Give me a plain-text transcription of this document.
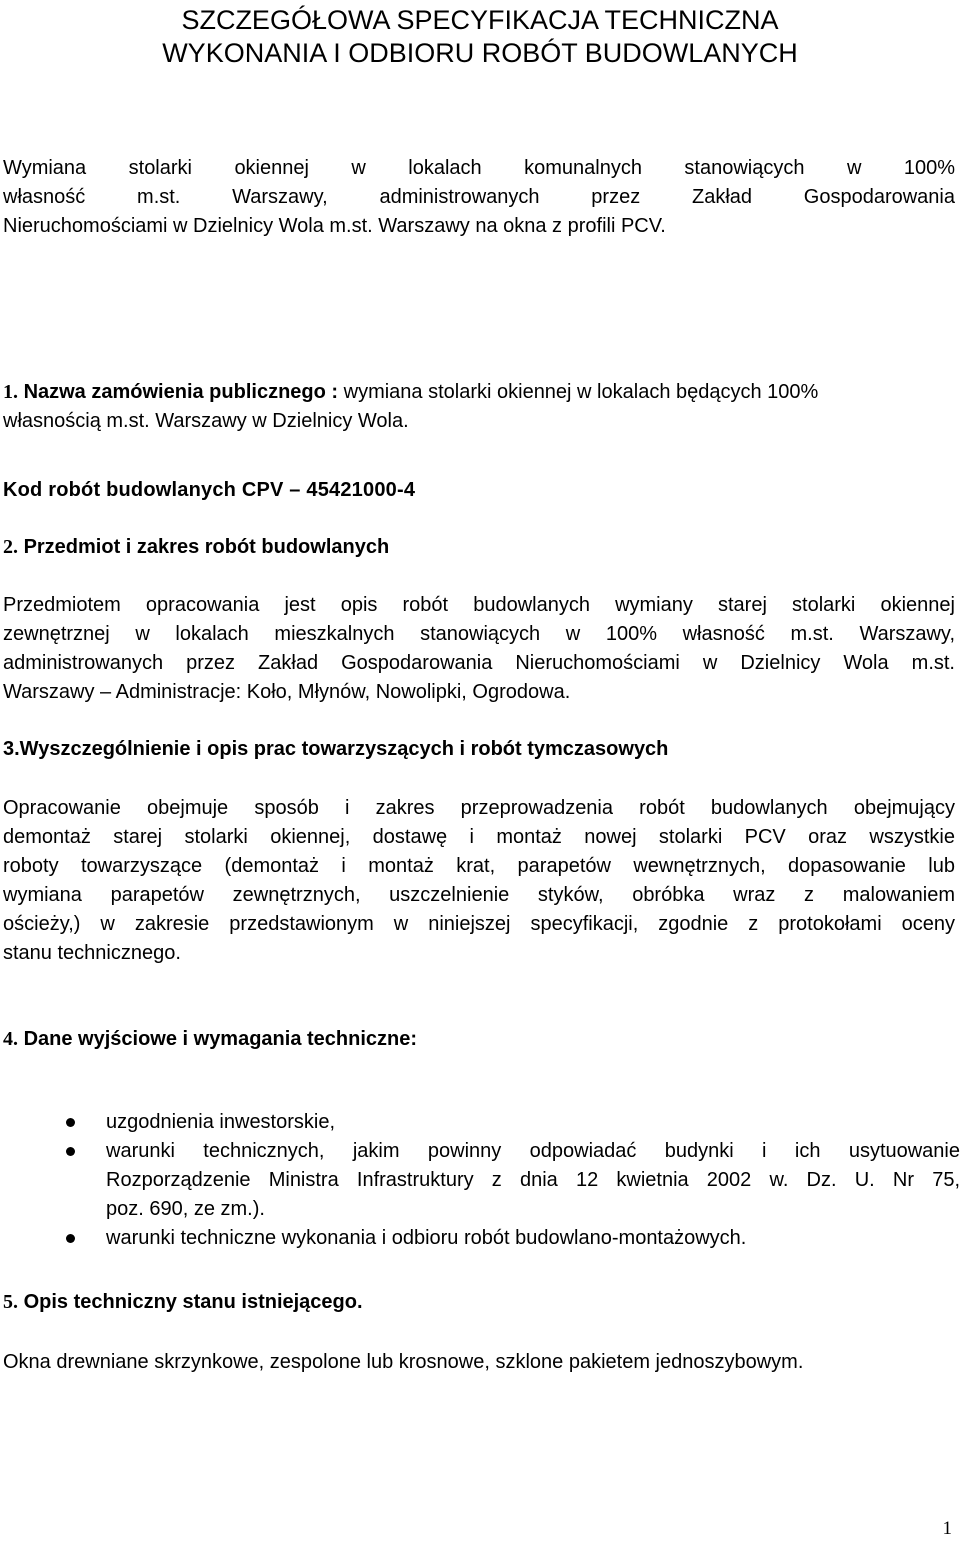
SZCZEGÓŁOWA SPECYFIKACJA TECHNICZNA
WYKONANIA I ODBIORU ROBÓT BUDOWLANYCH
Wymiana stolarki okiennej w lokalach komunalnych stanowiących w 100%
własność m.st. Warszawy, administrowanych przez Zakład Gospodarowania
Nieruchomościami w Dzielnicy Wola m.st. Warszawy na okna z profili PCV.
1. Nazwa zamówienia publicznego : wymiana stolarki okiennej w lokalach będących 100%
własnością m.st. Warszawy w Dzielnicy Wola.
Kod robót budowlanych CPV – 45421000-4
2. Przedmiot i zakres robót budowlanych
Przedmiotem opracowania jest opis robót budowlanych wymiany starej stolarki okiennej
zewnętrznej w lokalach mieszkalnych stanowiących w 100% własność m.st. Warszawy,
administrowanych przez Zakład Gospodarowania Nieruchomościami w Dzielnicy Wola m.st.
Warszawy – Administracje: Koło, Młynów, Nowolipki, Ogrodowa.
3.Wyszczególnienie i opis prac towarzyszących i robót tymczasowych
Opracowanie obejmuje sposób i zakres przeprowadzenia robót budowlanych obejmujący
demontaż starej stolarki okiennej, dostawę i montaż nowej stolarki PCV oraz wszystkie
roboty towarzyszące (demontaż i montaż krat, parapetów wewnętrznych, dopasowanie lub
wymiana parapetów zewnętrznych, uszczelnienie styków, obróbka wraz z malowaniem
ościeży,) w zakresie przedstawionym w niniejszej specyfikacji, zgodnie z protokołami oceny
stanu technicznego.
4. Dane wyjściowe i wymagania techniczne:
uzgodnienia inwestorskie,
warunki technicznych, jakim powinny odpowiadać budynki i ich usytuowanie
Rozporządzenie Ministra Infrastruktury z dnia 12 kwietnia 2002 w. Dz. U. Nr 75,
poz. 690, ze zm.).
warunki techniczne wykonania i odbioru robót budowlano-montażowych.
5. Opis techniczny stanu istniejącego.
Okna drewniane skrzynkowe, zespolone lub krosnowe, szklone pakietem jednoszybowym.
1
